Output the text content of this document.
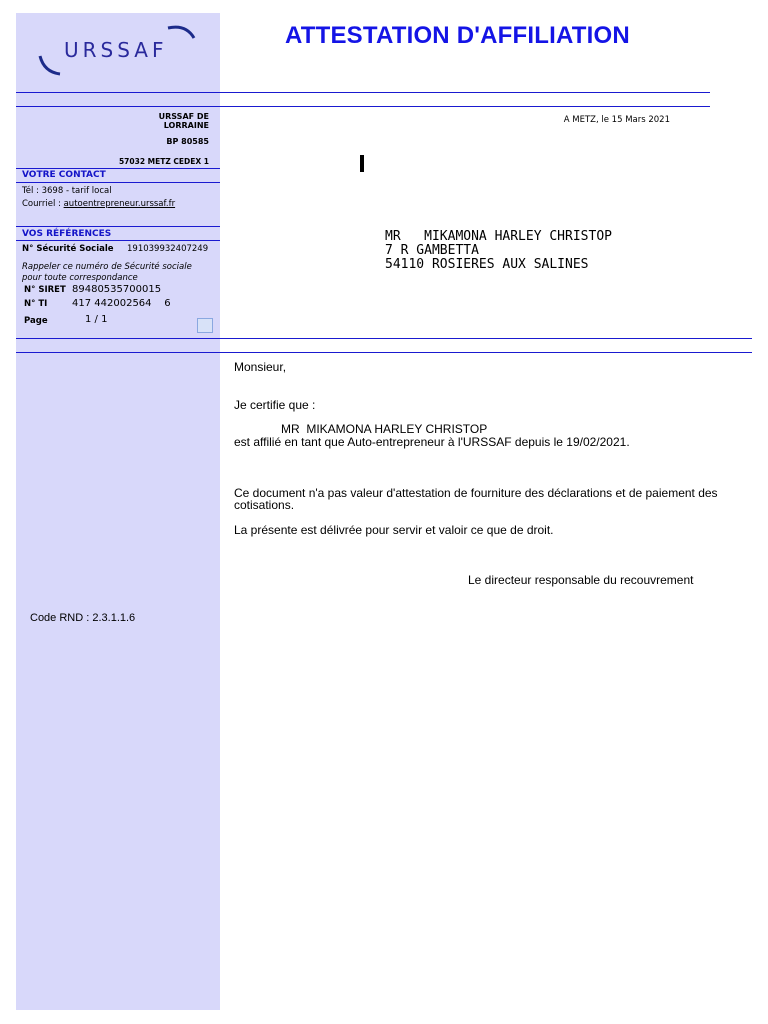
URSSAF
ATTESTATION D'AFFILIATION
URSSAF DE LORRAINE
BP 80585
57032 METZ CEDEX 1
A METZ, le 15 Mars 2021
VOTRE CONTACT
Tél : 3698 - tarif local
Courriel : autoentrepreneur.urssaf.fr
VOS RÉFÉRENCES
N° Sécurité Sociale 191039932407249
Rappeler ce numéro de Sécurité sociale
pour toute correspondance
N° SIRET 89480535700015
N° TI 417 442002564    6
Page	1 / 1
MR   MIKAMONA HARLEY CHRISTOP
7 R GAMBETTA
54110 ROSIERES AUX SALINES
Monsieur,
Je certifie que :
MR  MIKAMONA HARLEY CHRISTOP
est affilié en tant que Auto-entrepreneur à l'URSSAF depuis le 19/02/2021.
Ce document n'a pas valeur d'attestation de fourniture des déclarations et de paiement des
cotisations.
La présente est délivrée pour servir et valoir ce que de droit.
Le directeur responsable du recouvrement
Code RND : 2.3.1.1.6
